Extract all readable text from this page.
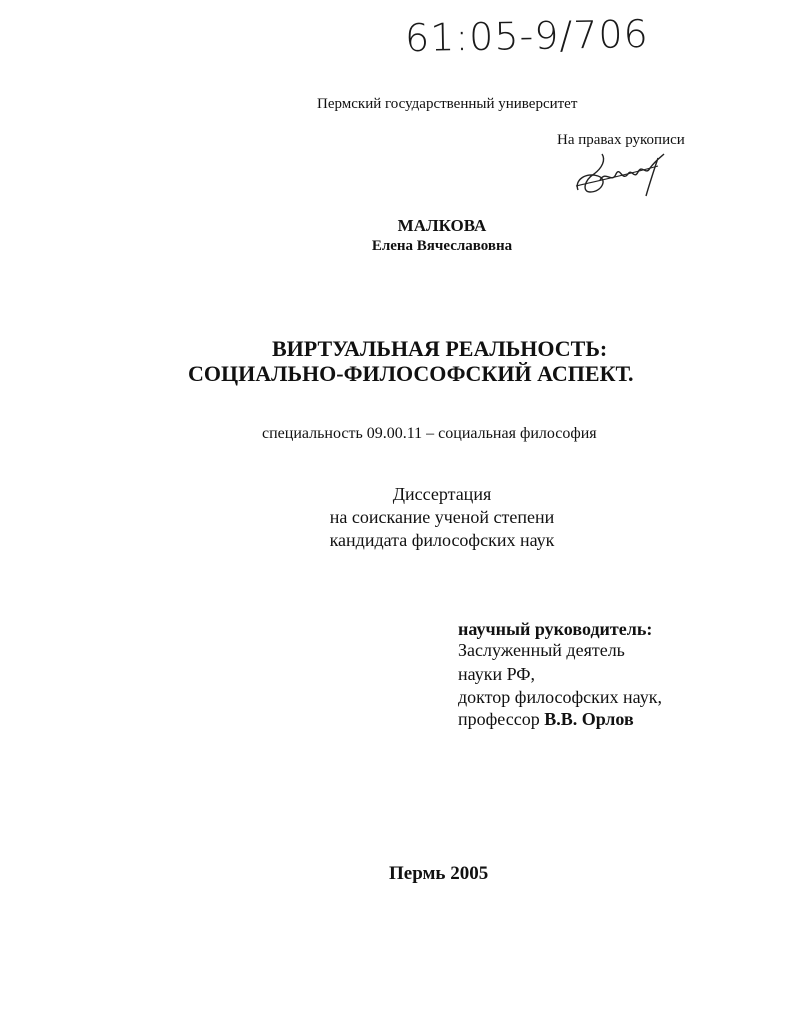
61:05-9/706
Пермский государственный университет
На правах рукописи
МАЛКОВА
Елена Вячеславовна
ВИРТУАЛЬНАЯ РЕАЛЬНОСТЬ:
СОЦИАЛЬНО-ФИЛОСОФСКИЙ АСПЕКТ.
специальность 09.00.11 – социальная философия
Диссертация
на соискание ученой степени
кандидата философских наук
научный руководитель:
Заслуженный деятель
науки РФ,
доктор философских наук,
профессор В.В. Орлов
Пермь 2005
